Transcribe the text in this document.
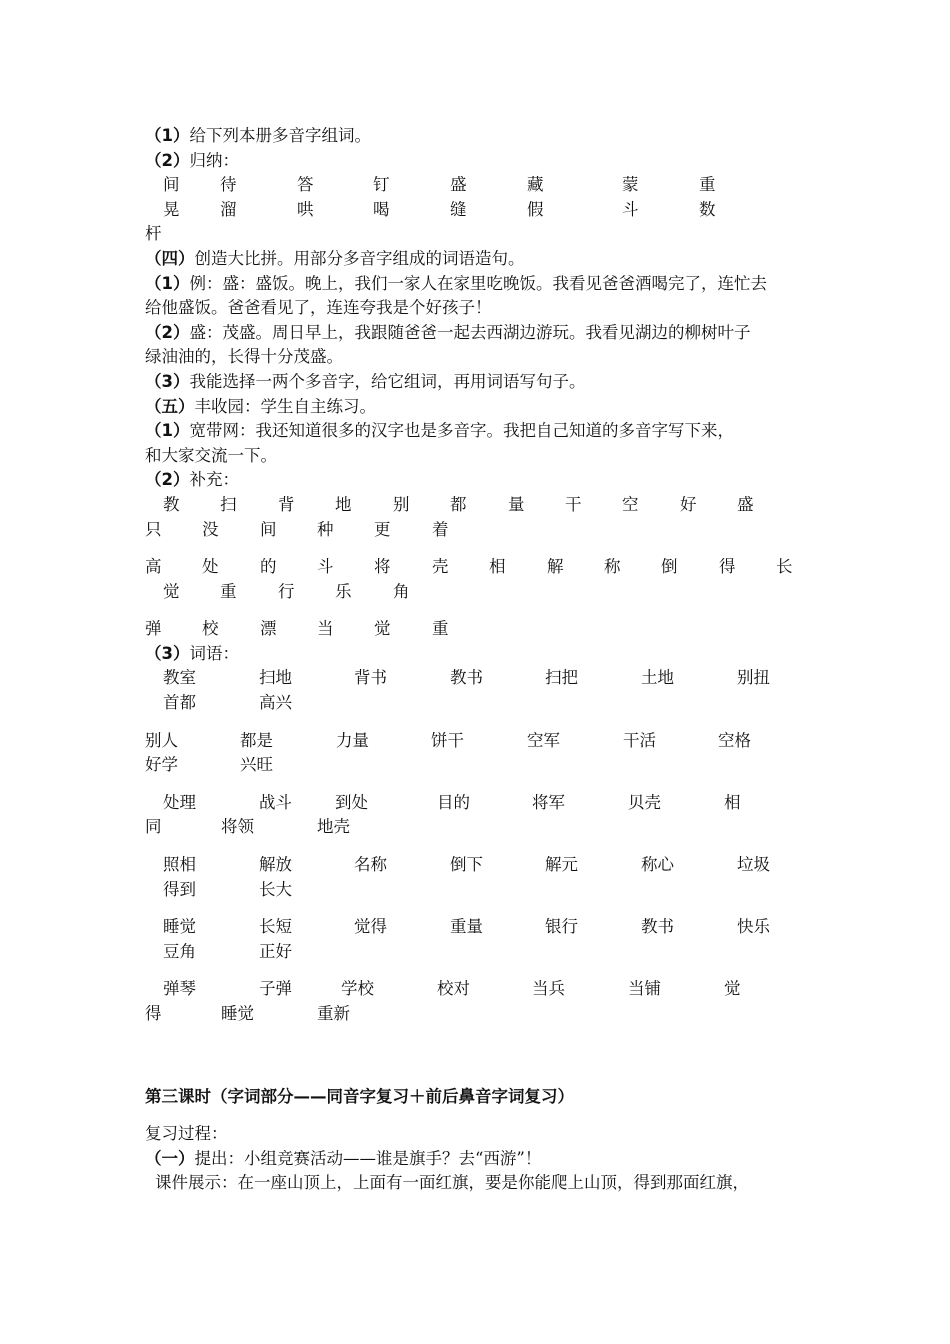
（1）给下列本册多音字组词。
（2）归纳：
间 待	答	钉	盛	藏	蒙	重
晃 溜	哄	喝	缝	假	斗	数
杆
（四）创造大比拼。用部分多音字组成的词语造句。
（1）例：盛：盛饭。晚上，我们一家人在家里吃晚饭。我看见爸爸酒喝完了，连忙去
给他盛饭。爸爸看见了，连连夸我是个好孩子！
（2）盛：茂盛。周日早上，我跟随爸爸一起去西湖边游玩。我看见湖边的柳树叶子
绿油油的，长得十分茂盛。
（3）我能选择一两个多音字，给它组词，再用词语写句子。
（五）丰收园：学生自主练习。
（1）宽带网：我还知道很多的汉字也是多音字。我把自己知道的多音字写下来，
和大家交流一下。
（2）补充：
教 扫	背 地	别 都	量 干 空	好 盛
只 没	间 种 更	着
高 处	的 斗 将	壳 相	解 称 倒	得 长
觉 重	行 乐	角
弹 校	漂 当 觉	重
（3）词语：
教室	扫地	背书	教书	扫把	土地	别扭
首都	高兴
别人	都是	力量	饼干	空军	干活	空格
好学	兴旺
处理	战斗	到处	目的	将军	贝壳	相
同	将领	地壳
照相	解放	名称	倒下	解元	称心	垃圾
得到	长大
睡觉	长短	觉得	重量	银行	教书	快乐
豆角	正好
弹琴	子弹	学校	校对	当兵	当铺	觉
得	睡觉	重新
第三课时（字词部分——同音字复习＋前后鼻音字词复习）
复习过程：
（一）提出：小组竞赛活动——谁是旗手？去“西游”！
课件展示：在一座山顶上，上面有一面红旗，要是你能爬上山顶，得到那面红旗，
